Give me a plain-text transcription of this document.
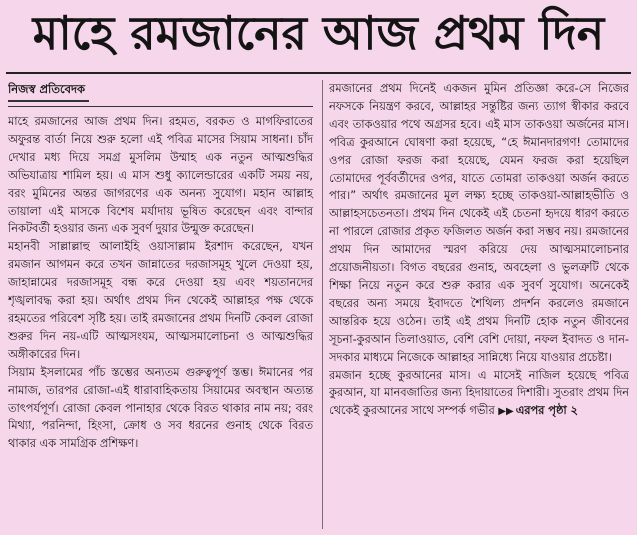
মাহে রমজানের আজ প্রথম দিন
নিজস্ব প্রতিবেদক

মাহে রমজানের আজ প্রথম দিন। রহমত, বরকত ও মাগফিরাতের অফুরন্ত বার্তা নিয়ে শুরু হলো এই পবিত্র মাসের সিয়াম সাধনা। চাঁদ দেখার মধ্য দিয়ে সমগ্র মুসলিম উম্মাহ এক নতুন আত্মশুদ্ধির অভিযাত্রায় শামিল হয়। এ মাস শুধু ক্যালেন্ডারের একটি সময় নয়, বরং মুমিনের অন্তর জাগরণের এক অনন্য সুযোগ। মহান আল্লাহ তায়ালা এই মাসকে বিশেষ মর্যাদায় ভূষিত করেছেন এবং বান্দার নিকটবর্তী হওয়ার জন্য এক সুবর্ণ দুয়ার উন্মুক্ত করেছেন।

মহানবী সাল্লাল্লাহু আলাইহি ওয়াসাল্লাম ইরশাদ করেছেন, যখন রমজান আগমন করে তখন জান্নাতের দরজাসমূহ খুলে দেওয়া হয়, জাহান্নামের দরজাসমূহ বন্ধ করে দেওয়া হয় এবং শয়তানদের শৃঙ্খলাবদ্ধ করা হয়। অর্থাৎ প্রথম দিন থেকেই আল্লাহর পক্ষ থেকে রহমতের পরিবেশ সৃষ্টি হয়। তাই রমজানের প্রথম দিনটি কেবল রোজা শুরুর দিন নয়-এটি আত্মসংযম, আত্মসমালোচনা ও আত্মশুদ্ধির অঙ্গীকারের দিন।

সিয়াম ইসলামের পাঁচ স্তম্ভের অন্যতম গুরুত্বপূর্ণ স্তম্ভ। ঈমানের পর নামাজ, তারপর রোজা-এই ধারাবাহিকতায় সিয়ামের অবস্থান অত্যন্ত তাৎপর্যপূর্ণ। রোজা কেবল পানাহার থেকে বিরত থাকার নাম নয়; বরং মিথ্যা, পরনিন্দা, হিংসা, ক্রোধ ও সব ধরনের গুনাহ থেকে বিরত থাকার এক সামগ্রিক প্রশিক্ষণ।

রমজানের প্রথম দিনেই একজন মুমিন প্রতিজ্ঞা করে-সে নিজের নফসকে নিয়ন্ত্রণ করবে, আল্লাহর সন্তুষ্টির জন্য ত্যাগ স্বীকার করবে এবং তাকওয়ার পথে অগ্রসর হবে। এই মাস তাকওয়া অর্জনের মাস। পবিত্র কুরআনে ঘোষণা করা হয়েছে, “হে ঈমানদারগণ! তোমাদের ওপর রোজা ফরজ করা হয়েছে, যেমন ফরজ করা হয়েছিল তোমাদের পূর্ববর্তীদের ওপর, যাতে তোমরা তাকওয়া অর্জন করতে পার।” অর্থাৎ রমজানের মূল লক্ষ্য হচ্ছে তাকওয়া-আল্লাহভীতি ও আল্লাহসচেতনতা। প্রথম দিন থেকেই এই চেতনা হৃদয়ে ধারণ করতে না পারলে রোজার প্রকৃত ফজিলত অর্জন করা সম্ভব নয়। রমজানের প্রথম দিন আমাদের স্মরণ করিয়ে দেয় আত্মসমালোচনার প্রয়োজনীয়তা। বিগত বছরের গুনাহ, অবহেলা ও ভুলত্রুটি থেকে শিক্ষা নিয়ে নতুন করে শুরু করার এক সুবর্ণ সুযোগ। অনেকেই বছরের অন্য সময়ে ইবাদতে শৈথিল্য প্রদর্শন করলেও রমজানে আন্তরিক হয়ে ওঠেন। তাই এই প্রথম দিনটি হোক নতুন জীবনের সূচনা-কুরআন তিলাওয়াত, বেশি বেশি দোয়া, নফল ইবাদত ও দান-সদকার মাধ্যমে নিজেকে আল্লাহর সান্নিধ্যে নিয়ে যাওয়ার প্রচেষ্টা।

রমজান হচ্ছে কুরআনের মাস। এ মাসেই নাজিল হয়েছে পবিত্র কুরআন, যা মানবজাতির জন্য হিদায়াতের দিশারী। সুতরাং প্রথম দিন থেকেই কুরআনের সাথে সম্পর্ক গভীর ▶▶ এরপর পৃষ্ঠা ২
